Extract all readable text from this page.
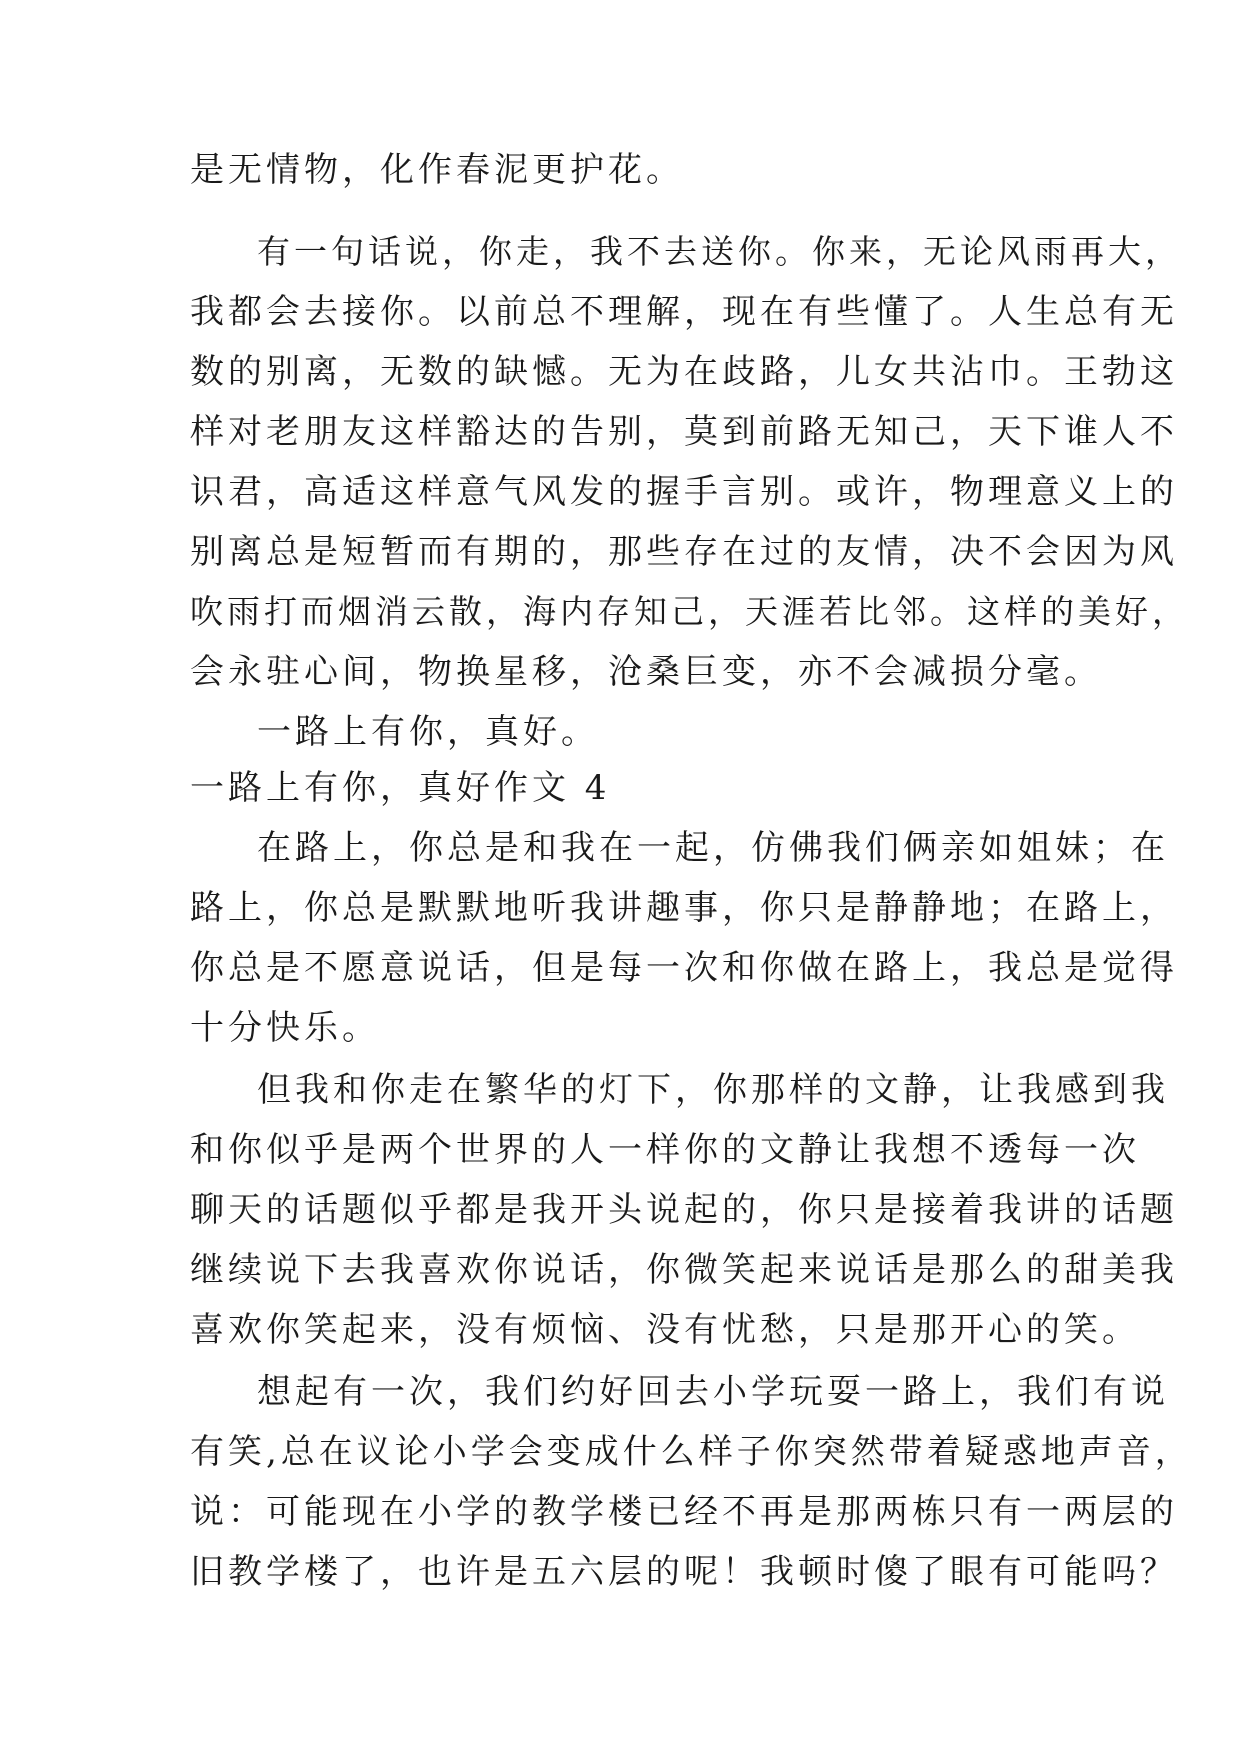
是无情物，化作春泥更护花。
有一句话说，你走，我不去送你。你来，无论风雨再大，
我都会去接你。以前总不理解，现在有些懂了。人生总有无
数的别离，无数的缺憾。无为在歧路，儿女共沾巾。王勃这
样对老朋友这样豁达的告别，莫到前路无知己，天下谁人不
识君，高适这样意气风发的握手言别。或许，物理意义上的
别离总是短暂而有期的，那些存在过的友情，决不会因为风
吹雨打而烟消云散，海内存知己，天涯若比邻。这样的美好，
会永驻心间，物换星移，沧桑巨变，亦不会减损分毫。
一路上有你，真好。
一路上有你，真好作文 4
在路上，你总是和我在一起，仿佛我们俩亲如姐妹；在
路上，你总是默默地听我讲趣事，你只是静静地；在路上，
你总是不愿意说话，但是每一次和你做在路上，我总是觉得
十分快乐。
但我和你走在繁华的灯下，你那样的文静，让我感到我
和你似乎是两个世界的人一样你的文静让我想不透每一次
聊天的话题似乎都是我开头说起的，你只是接着我讲的话题
继续说下去我喜欢你说话，你微笑起来说话是那么的甜美我
喜欢你笑起来，没有烦恼、没有忧愁，只是那开心的笑。
想起有一次，我们约好回去小学玩耍一路上，我们有说
有笑,总在议论小学会变成什么样子你突然带着疑惑地声音，
说：可能现在小学的教学楼已经不再是那两栋只有一两层的
旧教学楼了，也许是五六层的呢！我顿时傻了眼有可能吗？
